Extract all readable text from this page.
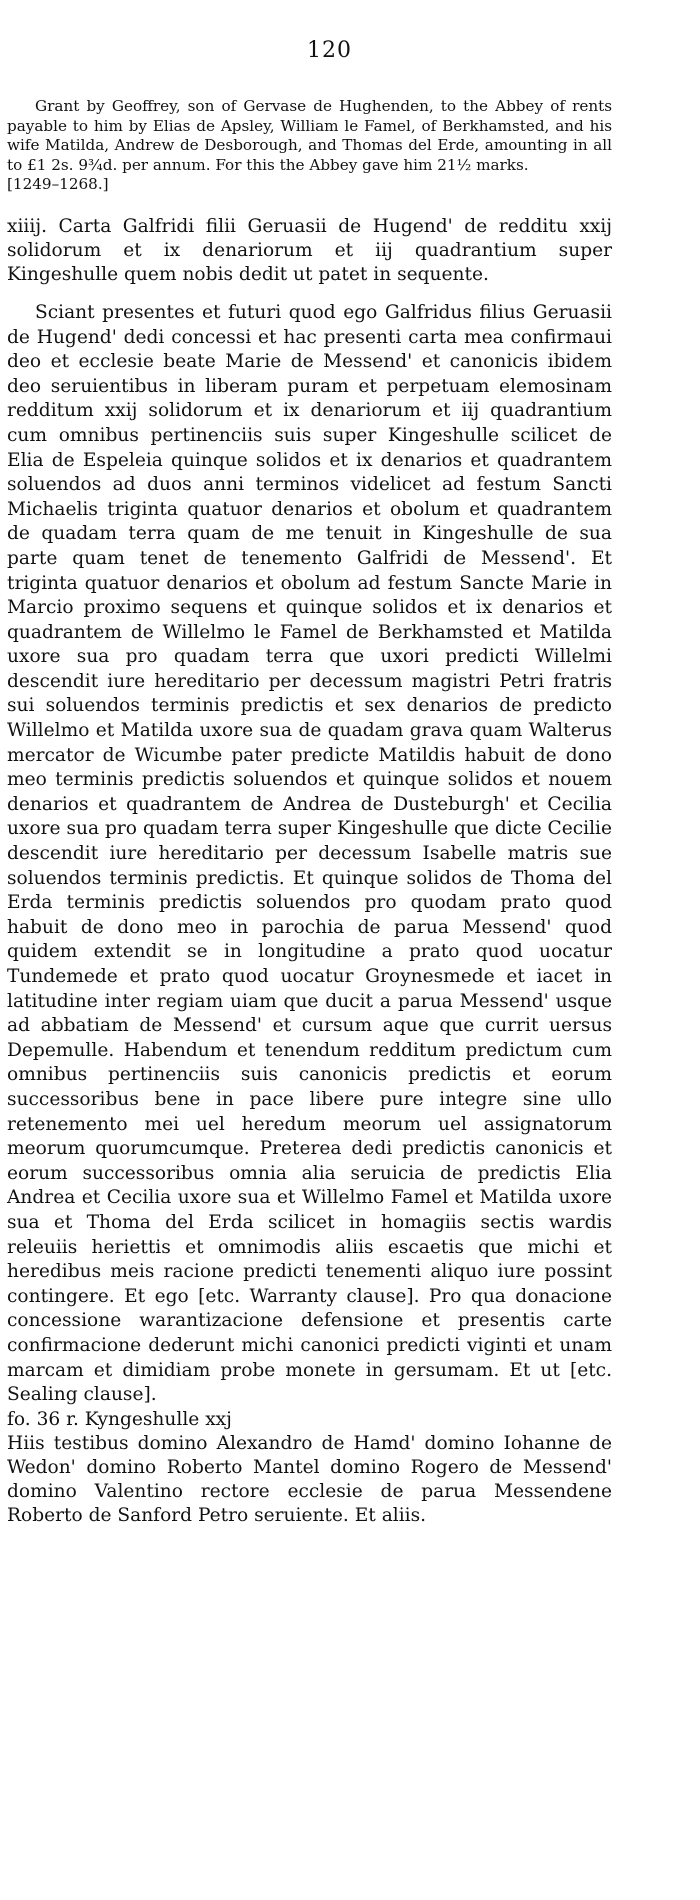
120

Grant by Geoffrey, son of Gervase de Hughenden, to the Abbey of rents payable to him by Elias de Apsley, William le Famel, of Berkhamsted, and his wife Matilda, Andrew de Desborough, and Thomas del Erde, amounting in all to £1 2s. 9¾d. per annum. For this the Abbey gave him 21½ marks.

[1249–1268.]

xiiij. Carta Galfridi filii Geruasii de Hugend' de redditu xxij solidorum et ix denariorum et iij quadrantium super Kingeshulle quem nobis dedit ut patet in sequente.

Sciant presentes et futuri quod ego Galfridus filius Geruasii de Hugend' dedi concessi et hac presenti carta mea confirmaui deo et ecclesie beate Marie de Messend' et canonicis ibidem deo seruientibus in liberam puram et perpetuam elemosinam redditum xxij solidorum et ix denariorum et iij quadrantium cum omnibus pertinenciis suis super Kingeshulle scilicet de Elia de Espeleia quinque solidos et ix denarios et quadrantem soluendos ad duos anni terminos videlicet ad festum Sancti Michaelis triginta quatuor denarios et obolum et quadrantem de quadam terra quam de me tenuit in Kingeshulle de sua parte quam tenet de tenemento Galfridi de Messend'. Et triginta quatuor denarios et obolum ad festum Sancte Marie in Marcio proximo sequens et quinque solidos et ix denarios et quadrantem de Willelmo le Famel de Berkhamsted et Matilda uxore sua pro quadam terra que uxori predicti Willelmi descendit iure hereditario per decessum magistri Petri fratris sui soluendos terminis predictis et sex denarios de predicto Willelmo et Matilda uxore sua de quadam grava quam Walterus mercator de Wicumbe pater predicte Matildis habuit de dono meo terminis predictis soluendos et quinque solidos et nouem denarios et quadrantem de Andrea de Dusteburgh' et Cecilia uxore sua pro quadam terra super Kingeshulle que dicte Cecilie descendit iure hereditario per decessum Isabelle matris sue soluendos terminis predictis. Et quinque solidos de Thoma del Erda terminis predictis soluendos pro quodam prato quod habuit de dono meo in parochia de parua Messend' quod quidem extendit se in longitudine a prato quod uocatur Tundemede et prato quod uocatur Groynesmede et iacet in latitudine inter regiam uiam que ducit a parua Messend' usque ad abbatiam de Messend' et cursum aque que currit uersus Depemulle. Habendum et tenendum redditum predictum cum omnibus pertinenciis suis canonicis predictis et eorum successoribus bene in pace libere pure integre sine ullo retenemento mei uel heredum meorum uel assignatorum meorum quorumcumque. Preterea dedi predictis canonicis et eorum successoribus omnia alia seruicia de predictis Elia Andrea et Cecilia uxore sua et Willelmo Famel et Matilda uxore sua et Thoma del Erda scilicet in homagiis sectis wardis releuiis heriettis et omnimodis aliis escaetis que michi et heredibus meis racione predicti tenementi aliquo iure possint contingere. Et ego [etc. Warranty clause]. Pro qua donacione concessione warantizacione defensione et presentis carte confirmacione dederunt michi canonici predicti viginti et unam marcam et dimidiam probe monete in gersumam. Et ut [etc. Sealing clause].

fo. 36 r. Kyngeshulle xxj

Hiis testibus domino Alexandro de Hamd' domino Iohanne de Wedon' domino Roberto Mantel domino Rogero de Messend' domino Valentino rectore ecclesie de parua Messendene Roberto de Sanford Petro seruiente. Et aliis.
